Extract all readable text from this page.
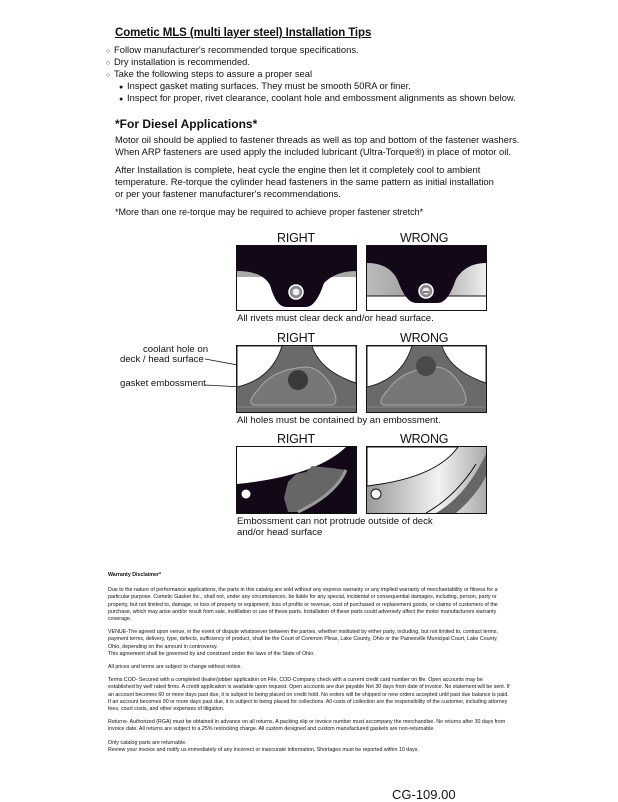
Cometic MLS (multi layer steel) Installation Tips
○ Follow manufacturer's recommended torque specifications.
○ Dry installation is recommended.
○ Take the following steps to assure a proper seal
● Inspect gasket mating surfaces. They must be smooth 50RA or finer.
● Inspect for proper, rivet clearance, coolant hole and embossment alignments as shown below.
*For Diesel Applications*
Motor oil should be applied to fastener threads as well as top and bottom of the fastener washers.
When ARP fasteners are used apply the included lubricant (Ultra-Torque®) in place of motor oil.
After Installation is complete, heat cycle the engine then let it completely cool to ambient
temperature. Re-torque the cylinder head fasteners in the same pattern as initial installation
or per your fastener manufacturer's recommendations.
*More than one re-torque may be required to achieve proper fastener stretch*
RIGHT	WRONG
All rivets must clear deck and/or head surface.
RIGHT	WRONG
coolant hole on
deck / head surface
gasket embossment
All holes must be contained by an embossment.
RIGHT	WRONG
Embossment can not protrude outside of deck
and/or head surface

Warranty Disclaimer*

Due to the nature of performance applications, the parts in this catalog are sold without any express warranty or any implied warranty of merchantability or fitness for a particular purpose. Cometic Gasket Inc., shall not, under any circumstances, be liable for any special, incidental or consequential damages, including, person, party or property, but not limited to, damage, or loss of property or equipment, loss of profits or revenue, cost of purchased or replacement goods, or claims of customers of the purchase, which may arise and/or result from sale, instillation or use of these parts. Installation of these parts could adversely affect the motor manufacturers warranty coverage.

VENUE-The agreed upon venue, in the event of dispute whatsoever between the parties, whether instituted by either party, including, but not limited to, contract terms, payment terms, delivery, type, defects, sufficiency of product, shall be the Court of Common Pleas, Lake County, Ohio or the Painesville Municipal Court, Lake County, Ohio, depending on the amount in controversy.

This agreement shall be governed by and construed under the laws of the State of Ohio.

All prices and terms are subject to change without notice.

Terms COD- Secured with a completed dealer/jobber application on File, COD-Company check with a current credit card number on file. Open accounts may be established by well rated firms. A credit application is available upon request. Open accounts are due payable Net 30 days from date of invoice. No statement will be sent. If an account becomes 60 or more days past due, it is subject to being placed on credit hold. No orders will be shipped or new orders accepted until past due balance is paid. If an account becomes 90 or more days past due, it is subject to being placed for collections. All costs of collection are the responsibility of the customer, including attorney fees, court costs, and other expenses of litigation.

Returns- Authorized (RGA) must be obtained in advance on all returns. A packing slip or invoice number must accompany the merchandise. No returns after 30 days from invoice date. All returns are subject to a 25% restocking charge. All custom designed and custom manufactured gaskets are non-returnable.

Only catalog parts are returnable.

Review your invoice and notify us immediately of any incorrect or inaccurate information. Shortages must be reported within 10 days.

CG-109.00
